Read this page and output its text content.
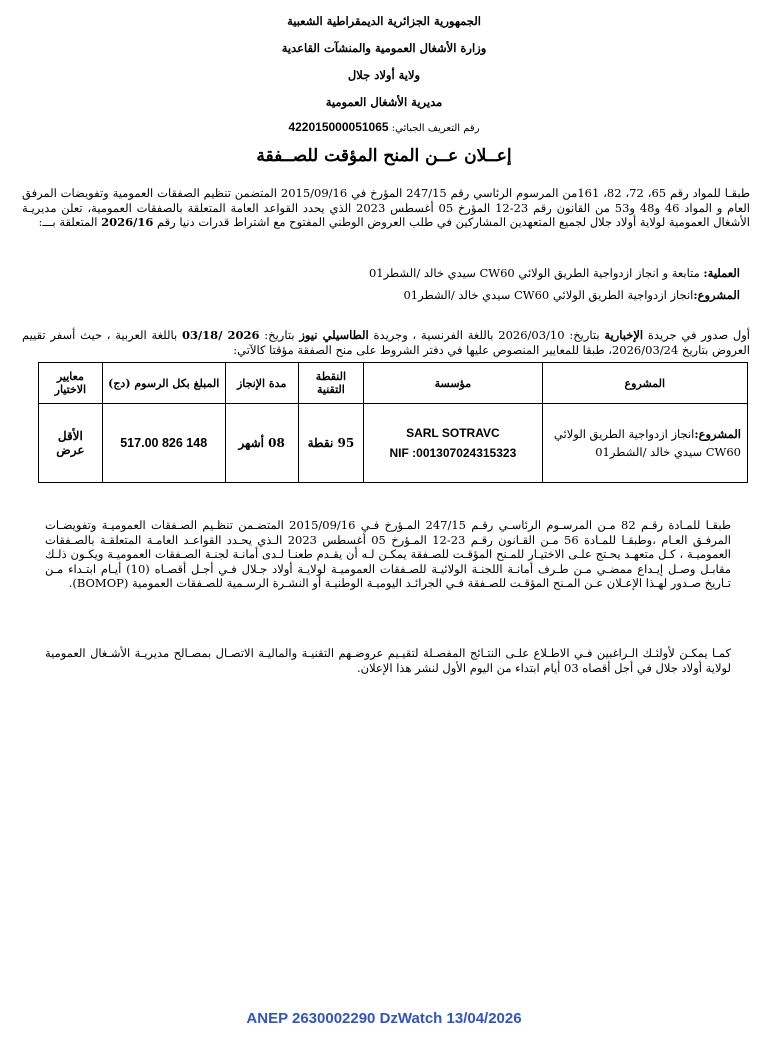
الجمهورية الجزائرية الديمقراطية الشعبية
وزارة الأشغال العمومية والمنشآت القاعدية
ولاية أولاد جلال
مديرية الأشغال العمومية
رقم التعريف الجبائي: 422015000051065
إعــلان عــن المنح المؤقت للصــفقة
طبقـا للمواد رقم 65، 72، 82، 161من المرسوم الرئاسي رقم 247/15 المؤرخ في 2015/09/16 المتضمن تنظيم الصفقات العمومية وتفويضات المرفق العام و المواد 46 و48 و53 من القانون رقم 23-12 المؤرخ 05 أغسطس 2023 الذي يحدد القواعد العامة المتعلقة بالصفقات العمومية، تعلن مديريـة الأشغال العمومية لولاية أولاد جلال لجميع المتعهدين المشاركين في طلب العروض الوطني المفتوح مع اشتراط قدرات دنيا رقم 2026/16 المتعلقة بـــ:
العملية: متابعة و انجاز ازدواجية الطريق الولائي CW60 سيدي خالد /الشطر01
المشروع:انجاز ازدواجية الطريق الولائي CW60 سيدي خالد /الشطر01
أول صدور في جريدة الإخبارية بتاريخ: 2026/03/10 باللغة الفرنسية ، وجريدة الطاسيلي نيوز بتاريخ: 2026 /03/18 باللغة العربية ، حيث أسفر تقييم العروض بتاريخ 2026/03/24، طبقا للمعايير المنصوص عليها في دفتر الشروط على منح الصفقة مؤقتا كالآتي:
المشروع	مؤسسة	النقطة التقنية	مدة الإنجاز	المبلغ بكل الرسوم (دج)	معايير الاختيار
المشروع:انجاز ازدواجية الطريق الولائي CW60 سيدي خالد /الشطر01	SARL SOTRAVC
NIF :001307024315323	95 نقطة	08 أشهر	148 826 517.00	الأقل عرض
طبقـا للمـادة رقـم 82 مـن المرسـوم الرئاسـي رقـم 247/15 المـؤرخ فـي 2015/09/16 المتضـمن تنظـيم الصـفقات العموميـة وتفويضـات المرفـق العـام ،وطبقـا للمـادة 56 مـن القـانون رقـم 23-12 المـؤرخ 05 أغسطس 2023 الـذي يحـدد القواعـد العامـة المتعلقـة بالصـفقات العموميـة ، كـل متعهـد يحـتج علـى الاختيـار للمـنح المؤقـت للصـفقة يمكـن لـه أن يقـدم طعنـا لـدى أمانـة لجنـة الصـفقات العموميـة ويكـون ذلـك مقابـل وصـل إيـداع ممضـي مـن طـرف أمانـة اللجنـة الولائيـة للصـفقات العموميـة لولايـة أولاد جـلال فـي أجـل أقصـاه (10) أيـام ابتـداء مـن تـاريخ صـدور لهـذا الإعـلان عـن المـنح المؤقـت للصـفقة فـي الجرائـد اليوميـة الوطنيـة أو النشـرة الرسـمية للصـفقات العمومية (BOMOP).
كمـا يمكـن لأولئـك الـراغبين فـي الاطـلاع علـى النتـائج المفصـلة لتقيـيم عروضـهم التقنيـة والماليـة الاتصـال بمصـالح مديريـة الأشـغال العمومية لولاية أولاد جلال في أجل أقصاه 03 أيام ابتداء من اليوم الأول لنشر هذا الإعلان.
ANEP 2630002290 DzWatch 13/04/2026
